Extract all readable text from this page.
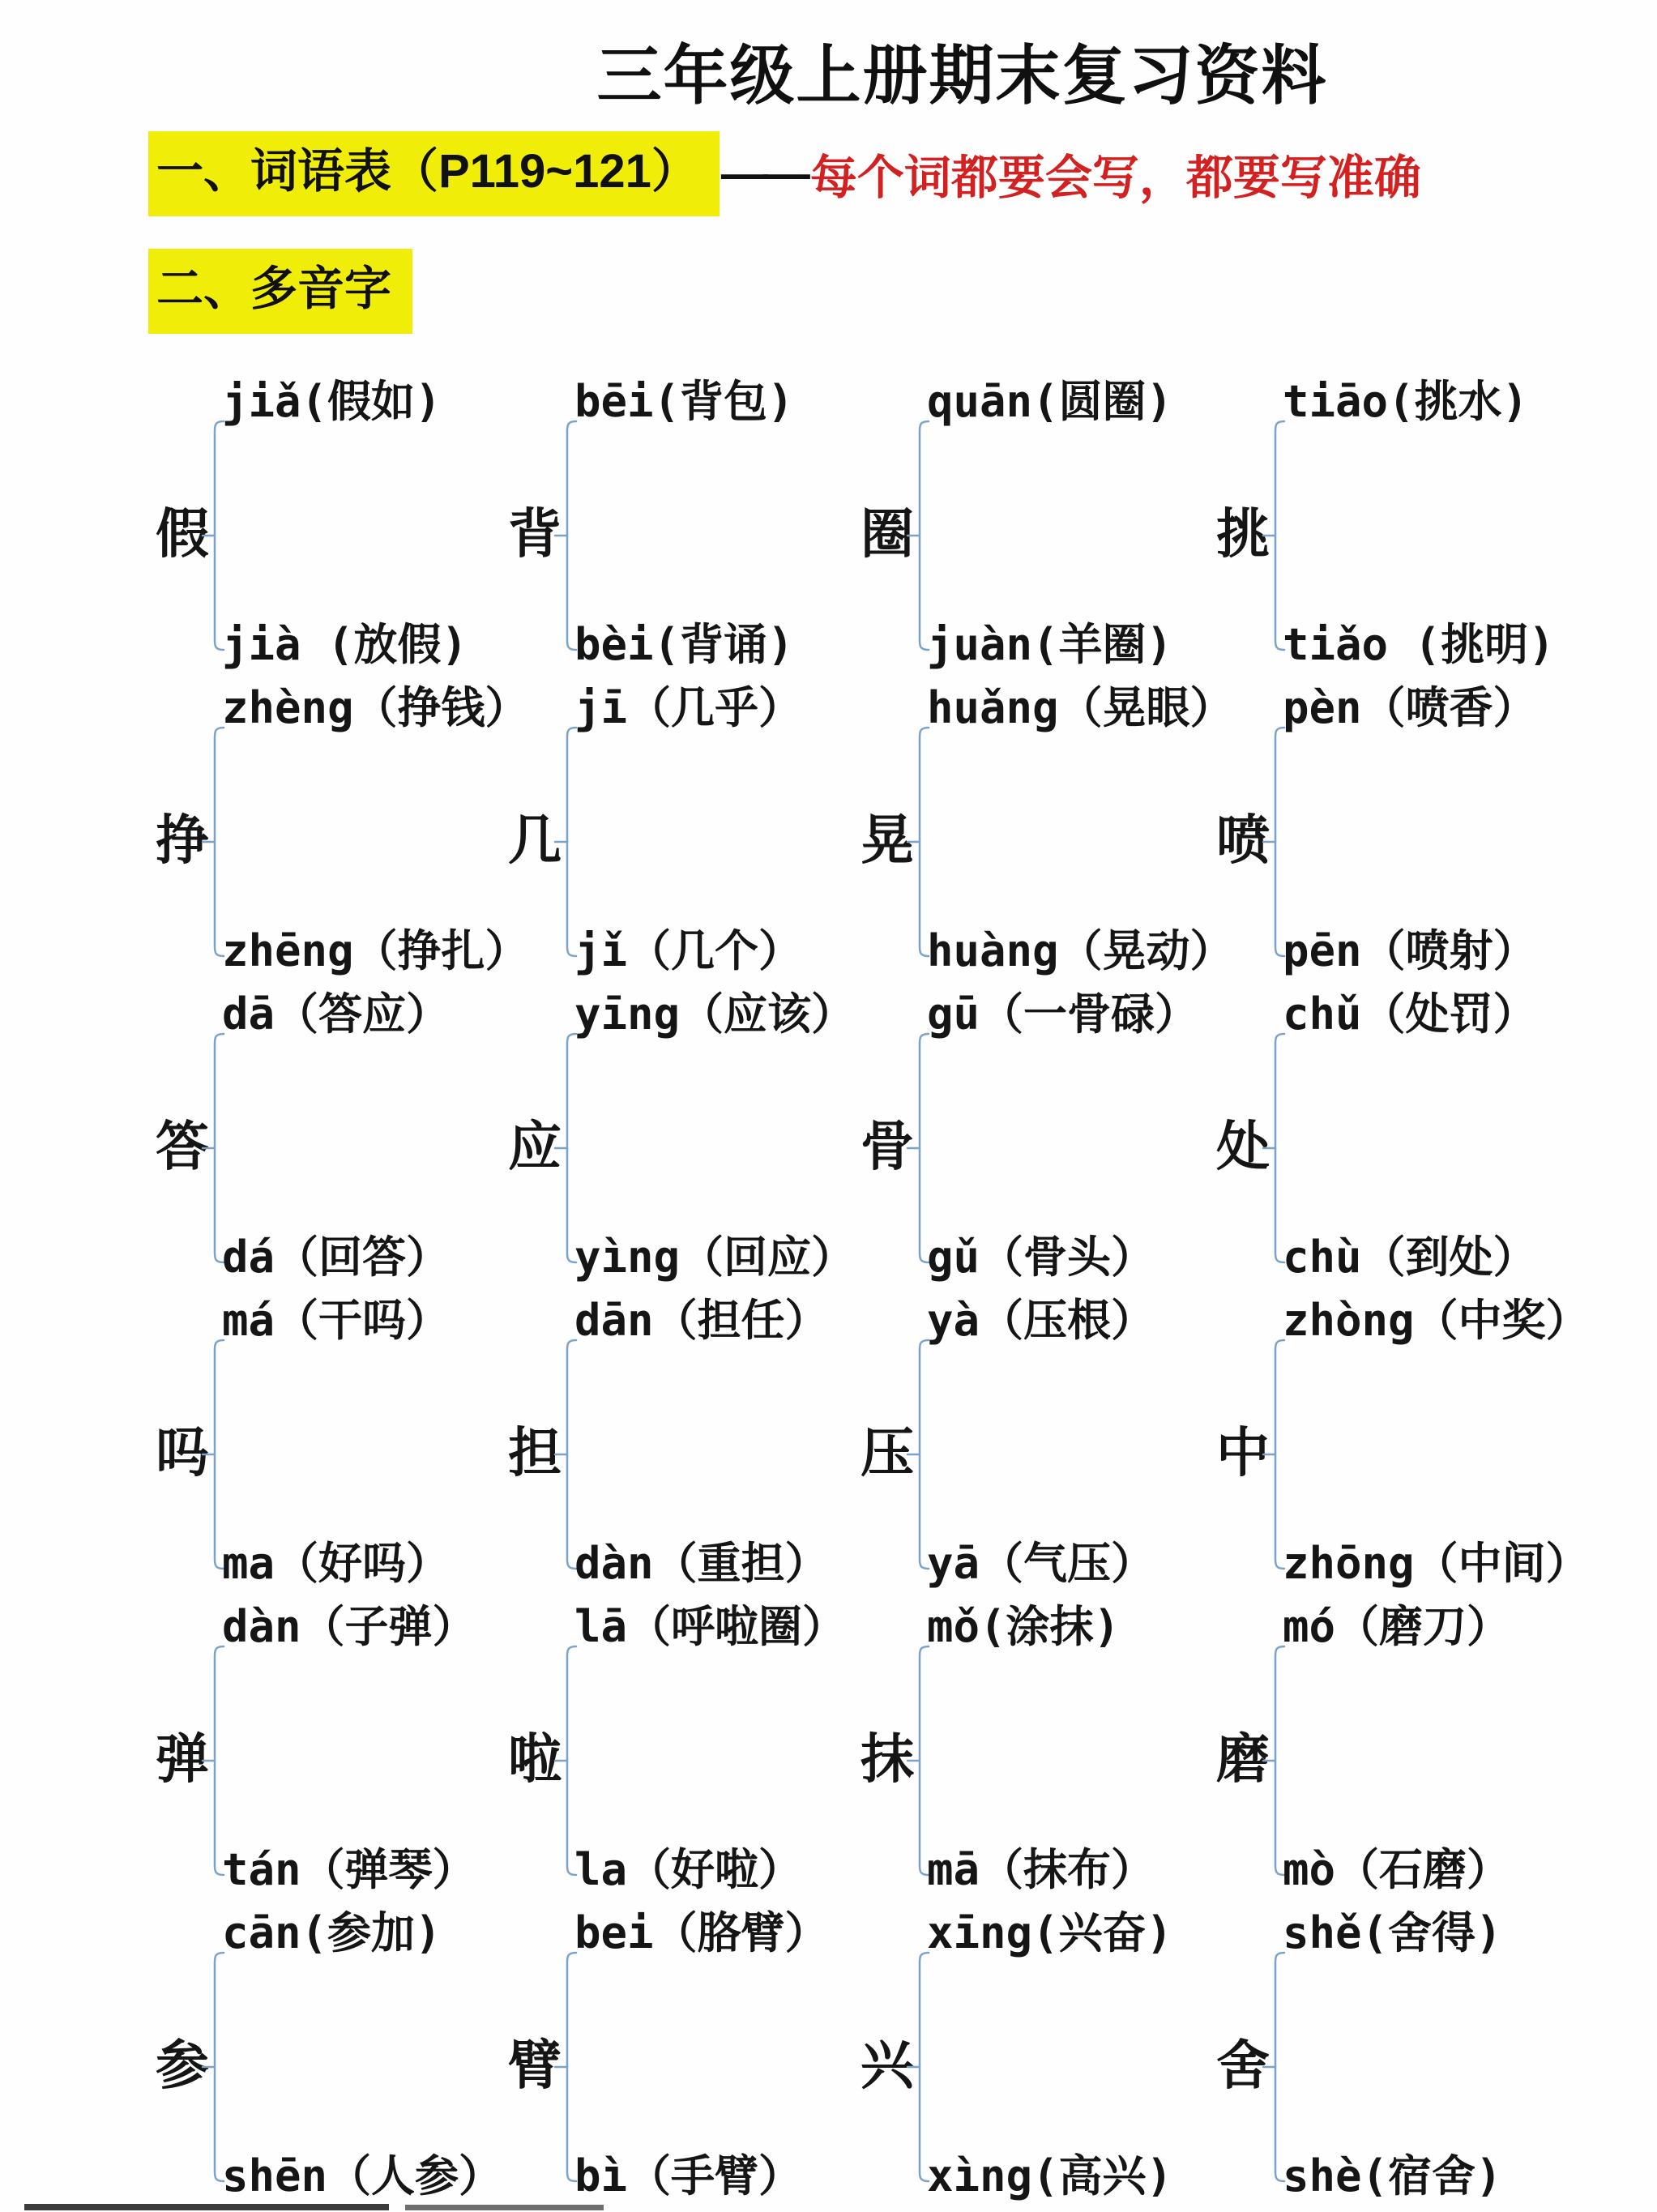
三年级上册期末复习资料
一、词语表（P119~121） —— 每个词都要会写，都要写准确
二、多音字
假
jiǎ(假如)
jià (放假)
背
bēi(背包)
bèi(背诵)
圈
quān(圆圈)
juàn(羊圈)
挑
tiāo(挑水)
tiǎo (挑明)
挣
zhèng（挣钱）
zhēng（挣扎）
几
jī（几乎）
jǐ（几个）
晃
huǎng（晃眼）
huàng（晃动）
喷
pèn（喷香）
pēn（喷射）
答
dā（答应）
dá（回答）
应
yīng（应该）
yìng（回应）
骨
gū（一骨碌）
gǔ（骨头）
处
chǔ（处罚）
chù（到处）
吗
má（干吗）
ma（好吗）
担
dān（担任）
dàn（重担）
压
yà（压根）
yā（气压）
中
zhòng（中奖）
zhōng（中间）
弹
dàn（子弹）
tán（弹琴）
啦
lā（呼啦圈）
la（好啦）
抹
mǒ(涂抹)
mā（抹布）
磨
mó（磨刀）
mò（石磨）
参
cān(参加)
shēn（人参）
臂
bei（胳臂）
bì（手臂）
兴
xīng(兴奋)
xìng(高兴)
舍
shě(舍得)
shè(宿舍)
